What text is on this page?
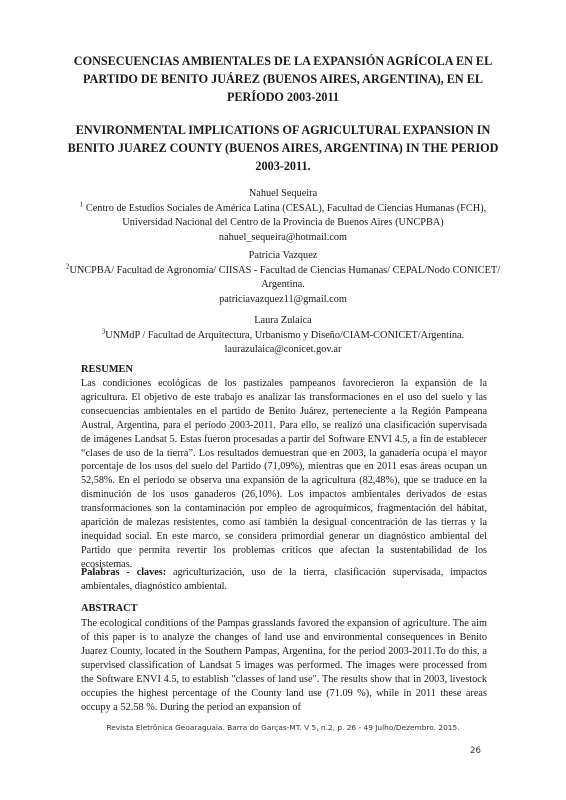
CONSECUENCIAS AMBIENTALES DE LA EXPANSIÓN AGRÍCOLA EN EL PARTIDO DE BENITO JUÁREZ (BUENOS AIRES, ARGENTINA), EN EL PERÍODO 2003-2011
ENVIRONMENTAL IMPLICATIONS OF AGRICULTURAL EXPANSION IN BENITO JUAREZ COUNTY (BUENOS AIRES, ARGENTINA) IN THE PERIOD 2003-2011.
Nahuel Sequeira
$^1$ Centro de Estudios Sociales de América Latina (CESAL), Facultad de Ciencias Humanas (FCH), Universidad Nacional del Centro de la Provincia de Buenos Aires (UNCPBA)
nahuel_sequeira@hotmail.com
Patricia Vazquez
$^2$UNCPBA/ Facultad de Agronomía/ CIISAS - Facultad de Ciencias Humanas/ CEPAL/Nodo CONICET/ Argentina.
patriciavazquez11@gmail.com
Laura Zulaica
$^3$UNMdP / Facultad de Arquitectura, Urbanismo y Diseño/CIAM-CONICET/Argentina.
laurazulaica@conicet.gov.ar
RESUMEN
Las condiciones ecológicas de los pastizales pampeanos favorecieron la expansión de la agricultura. El objetivo de este trabajo es analizar las transformaciones en el uso del suelo y las consecuencias ambientales en el partido de Benito Juárez, perteneciente a la Región Pampeana Austral, Argentina, para el período 2003-2011. Para ello, se realizó una clasificación supervisada de imágenes Landsat 5. Estas fueron procesadas a partir del Software ENVI 4.5, a fin de establecer “clases de uso de la tierra”. Los resultados demuestran que en 2003, la ganadería ocupa el mayor porcentaje de los usos del suelo del Partido (71,09%), mientras que en 2011 esas áreas ocupan un 52,58%. En el período se observa una expansión de la agricultura (82,48%), que se traduce en la disminución de los usos ganaderos (26,10%). Los impactos ambientales derivados de estas transformaciones son la contaminación por empleo de agroquímicos, fragmentación del hábitat, aparición de malezas resistentes, como así también la desigual concentración de las tierras y la inequidad social. En este marco, se considera primordial generar un diagnóstico ambiental del Partido que permita revertir los problemas críticos que afectan la sustentabilidad de los ecosistemas.
Palabras - claves: agriculturización, uso de la tierra, clasificación supervisada, impactos ambientales, diagnóstico ambiental.
ABSTRACT
The ecological conditions of the Pampas grasslands favored the expansion of agriculture. The aim of this paper is to analyze the changes of land use and environmental consequences in Benito Juarez County, located in the Southern Pampas, Argentina, for the period 2003-2011.To do this, a supervised classification of Landsat 5 images was performed. The images were processed from the Software ENVI 4.5, to establish "classes of land use". The results show that in 2003, livestock occupies the highest percentage of the County land use (71.09 %), while in 2011 these areas occupy a 52.58 %. During the period an expansion of
Revista Eletrônica Geoaraguaia. Barra do Garças-MT. V 5, n.2, p. 26 - 49 Julho/Dezembro. 2015.
26
